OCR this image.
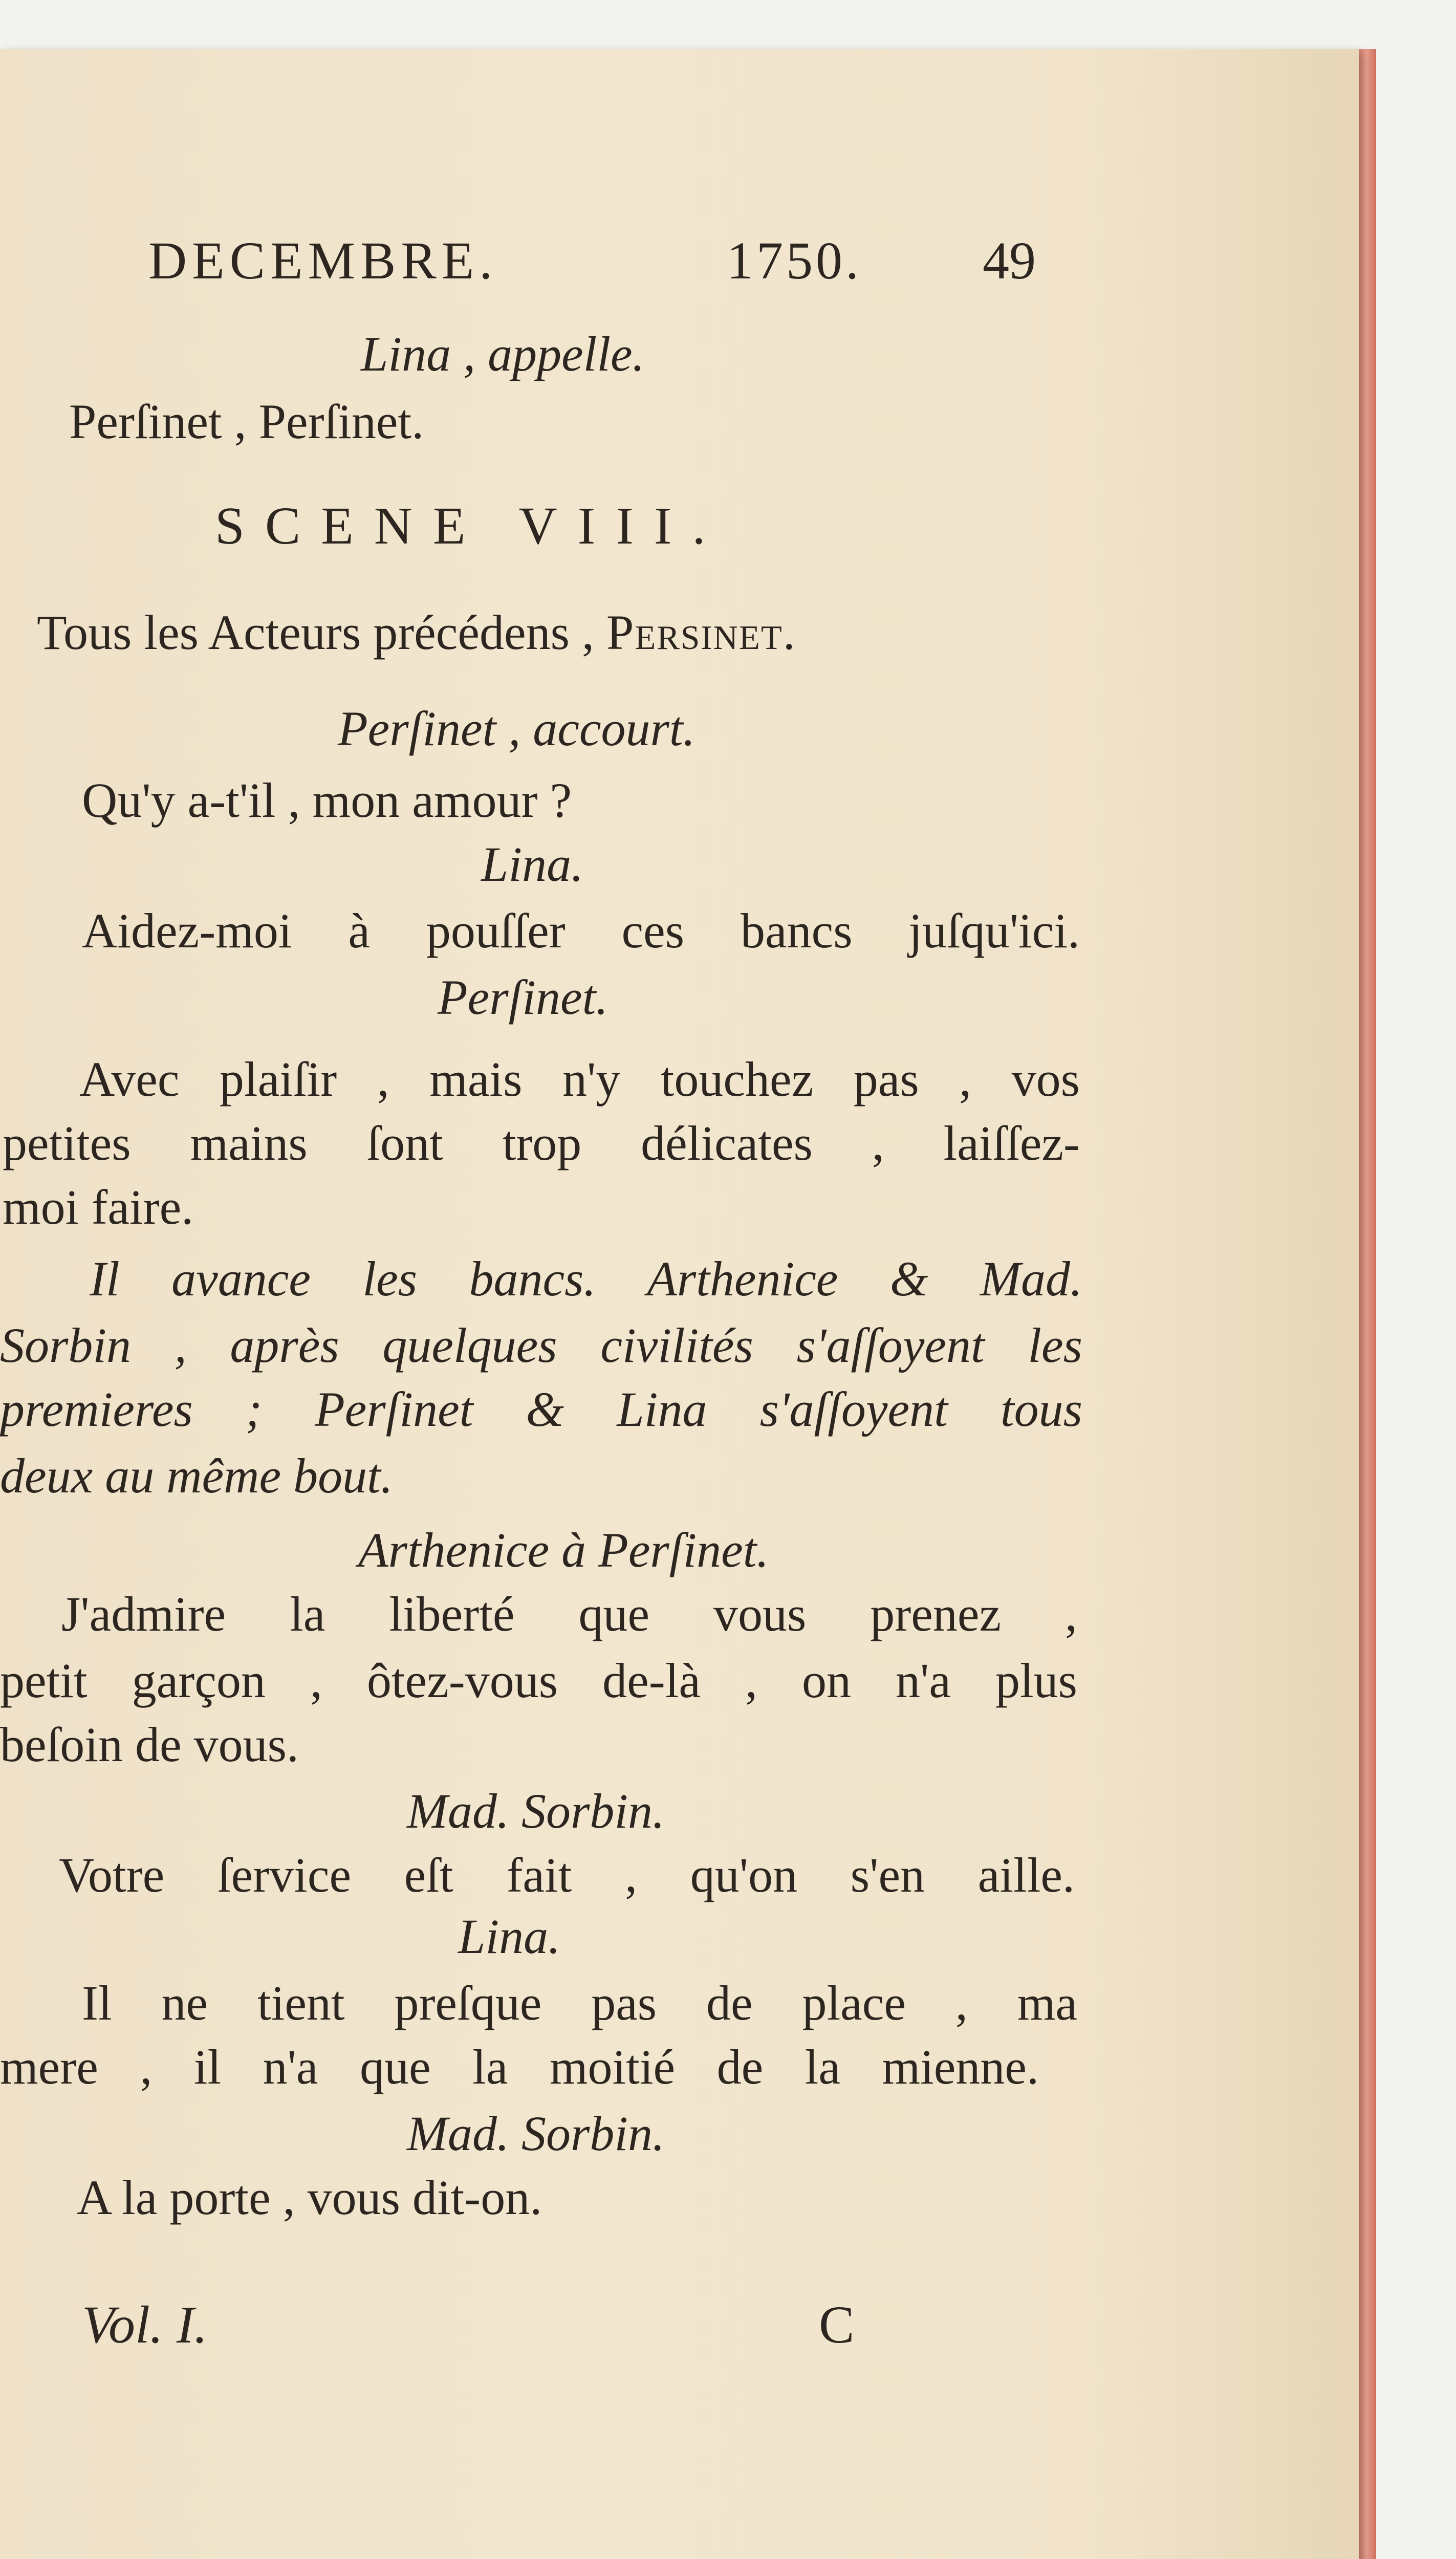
DECEMBRE.	1750. 49
Lina , appelle.
Perſinet , Perſinet.
SCENE VIII.
Tous les Acteurs précédens , Persinet.
Perſinet , accourt.
Qu'y a-t'il , mon amour ?
Lina.
Aidez-moi à pouſſer ces bancs juſqu'ici.
Perſinet.
Avec plaiſir , mais n'y touchez pas , vos
petites mains ſont trop délicates , laiſſez-
moi faire.
Il avance les bancs. Arthenice & Mad.
Sorbin , après quelques civilités s'aſſoyent les
premieres ; Perſinet & Lina s'aſſoyent tous
deux au même bout.
Arthenice à Perſinet.
J'admire la liberté que vous prenez ,
petit garçon , ôtez-vous de-là , on n'a plus
beſoin de vous.
Mad. Sorbin.
Votre ſervice eſt fait , qu'on s'en aille.
Lina.
Il ne tient preſque pas de place , ma
mere , il n'a que la moitié de la mienne.
Mad. Sorbin.
A la porte , vous dit-on.
Vol. I.	C
